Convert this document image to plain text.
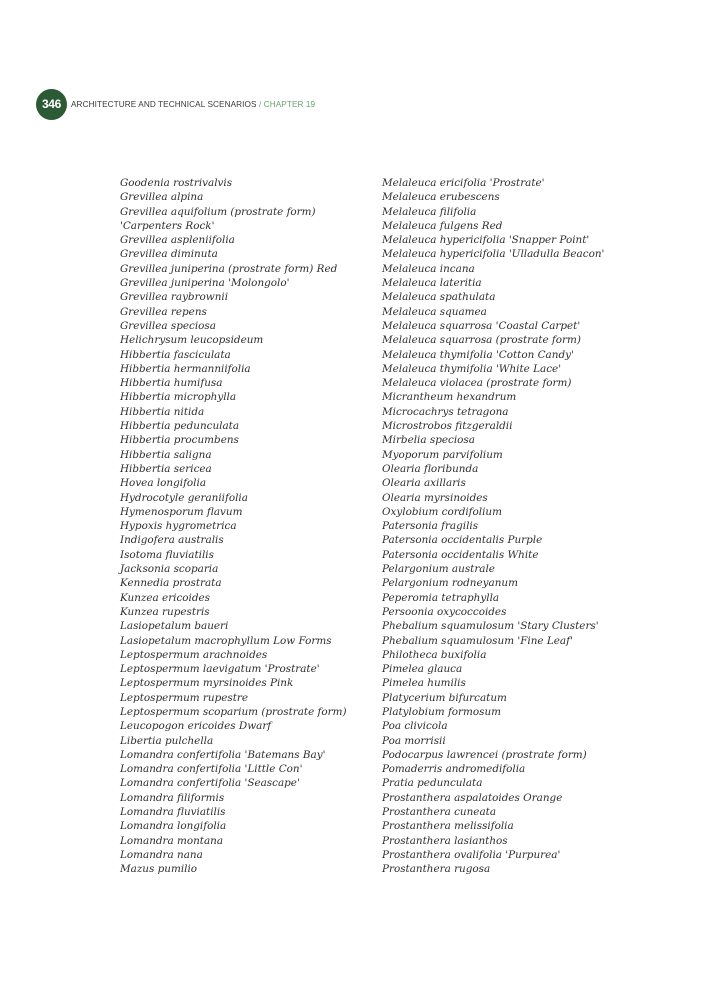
346	ARCHITECTURE AND TECHNICAL SCENARIOS / CHAPTER 19
Goodenia rostrivalvis
Grevillea alpina
Grevillea aquifolium (prostrate form) 'Carpenters Rock'
Grevillea aspleniifolia
Grevillea diminuta
Grevillea juniperina (prostrate form) Red
Grevillea juniperina 'Molongolo'
Grevillea raybrownii
Grevillea repens
Grevillea speciosa
Helichrysum leucopsideum
Hibbertia fasciculata
Hibbertia hermanniifolia
Hibbertia humifusa
Hibbertia microphylla
Hibbertia nitida
Hibbertia pedunculata
Hibbertia procumbens
Hibbertia saligna
Hibbertia sericea
Hovea longifolia
Hydrocotyle geraniifolia
Hymenosporum flavum
Hypoxis hygrometrica
Indigofera australis
Isotoma fluviatilis
Jacksonia scoparia
Kennedia prostrata
Kunzea ericoides
Kunzea rupestris
Lasiopetalum baueri
Lasiopetalum macrophyllum Low Forms
Leptospermum arachnoides
Leptospermum laevigatum 'Prostrate'
Leptospermum myrsinoides Pink
Leptospermum rupestre
Leptospermum scoparium (prostrate form)
Leucopogon ericoides Dwarf
Libertia pulchella
Lomandra confertifolia 'Batemans Bay'
Lomandra confertifolia 'Little Con'
Lomandra confertifolia 'Seascape'
Lomandra filiformis
Lomandra fluviatilis
Lomandra longifolia
Lomandra montana
Lomandra nana
Mazus pumilio
Melaleuca ericifolia 'Prostrate'
Melaleuca erubescens
Melaleuca filifolia
Melaleuca fulgens Red
Melaleuca hypericifolia 'Snapper Point'
Melaleuca hypericifolia 'Ulladulla Beacon'
Melaleuca incana
Melaleuca lateritia
Melaleuca spathulata
Melaleuca squamea
Melaleuca squarrosa 'Coastal Carpet'
Melaleuca squarrosa (prostrate form)
Melaleuca thymifolia 'Cotton Candy'
Melaleuca thymifolia 'White Lace'
Melaleuca violacea (prostrate form)
Micrantheum hexandrum
Microcachrys tetragona
Microstrobos fitzgeraldii
Mirbelia speciosa
Myoporum parvifolium
Olearia floribunda
Olearia axillaris
Olearia myrsinoides
Oxylobium cordifolium
Patersonia fragilis
Patersonia occidentalis Purple
Patersonia occidentalis White
Pelargonium australe
Pelargonium rodneyanum
Peperomia tetraphylla
Persoonia oxycoccoides
Phebalium squamulosum 'Stary Clusters'
Phebalium squamulosum 'Fine Leaf'
Philotheca buxifolia
Pimelea glauca
Pimelea humilis
Platycerium bifurcatum
Platylobium formosum
Poa clivicola
Poa morrisii
Podocarpus lawrencei (prostrate form)
Pomaderris andromedifolia
Pratia pedunculata
Prostanthera aspalatoides Orange
Prostanthera cuneata
Prostanthera melissifolia
Prostanthera lasianthos
Prostanthera ovalifolia 'Purpurea'
Prostanthera rugosa
